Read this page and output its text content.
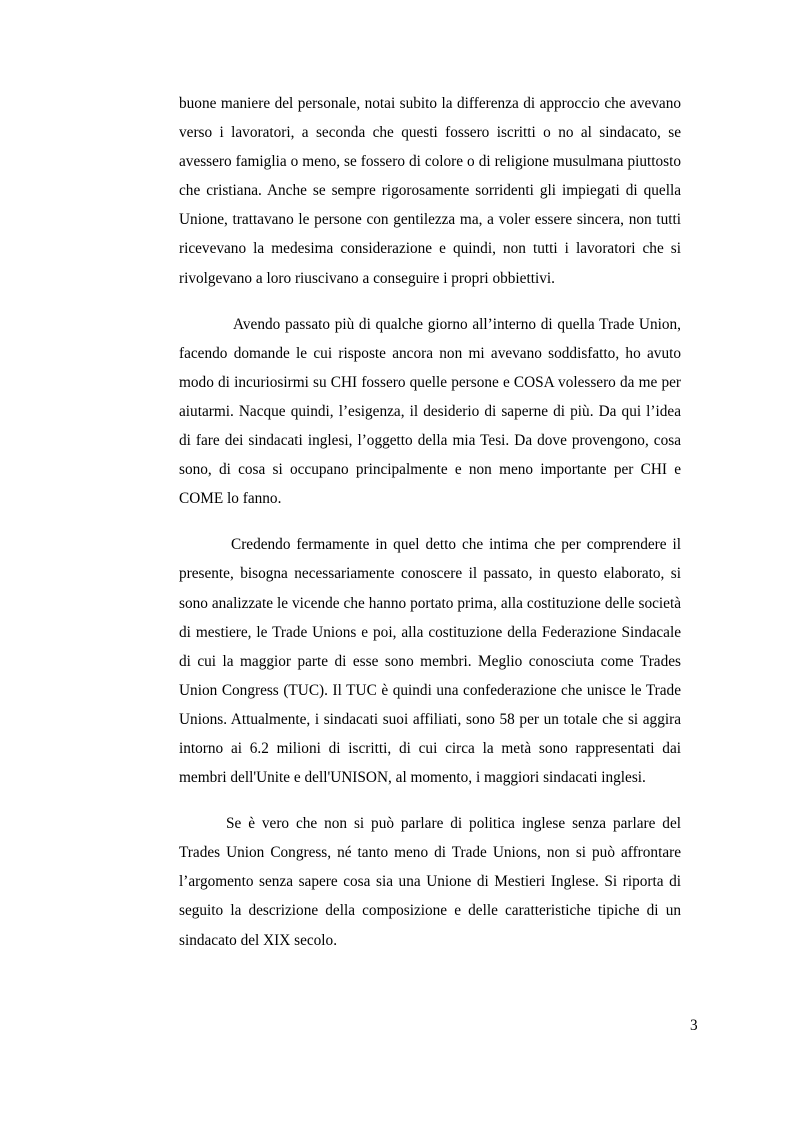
buone maniere del personale, notai subito la differenza di approccio che avevano verso i lavoratori, a seconda che questi fossero iscritti o no al sindacato, se avessero famiglia o meno, se fossero di colore o di religione musulmana piuttosto che cristiana. Anche se sempre rigorosamente sorridenti gli impiegati di quella Unione, trattavano le persone con gentilezza ma, a voler essere sincera, non tutti ricevevano la medesima considerazione e quindi, non tutti i lavoratori che si rivolgevano a loro riuscivano a conseguire i propri obbiettivi.

Avendo passato più di qualche giorno all’interno di quella Trade Union, facendo domande le cui risposte ancora non mi avevano soddisfatto, ho avuto modo di incuriosirmi su CHI fossero quelle persone e COSA volessero da me per aiutarmi. Nacque quindi, l’esigenza, il desiderio di saperne di più. Da qui l’idea di fare dei sindacati inglesi, l’oggetto della mia Tesi. Da dove provengono, cosa sono, di cosa si occupano principalmente e non meno importante per CHI e COME lo fanno.

Credendo fermamente in quel detto che intima che per comprendere il presente, bisogna necessariamente conoscere il passato, in questo elaborato, si sono analizzate le vicende che hanno portato prima, alla costituzione delle società di mestiere, le Trade Unions e poi, alla costituzione della Federazione Sindacale di cui la maggior parte di esse sono membri. Meglio conosciuta come Trades Union Congress (TUC). Il TUC è quindi una confederazione che unisce le Trade Unions. Attualmente, i sindacati suoi affiliati, sono 58 per un totale che si aggira intorno ai 6.2 milioni di iscritti, di cui circa la metà sono rappresentati dai membri dell'Unite e dell'UNISON, al momento, i maggiori sindacati inglesi.

Se è vero che non si può parlare di politica inglese senza parlare del Trades Union Congress, né tanto meno di Trade Unions, non si può affrontare l’argomento senza sapere cosa sia una Unione di Mestieri Inglese. Si riporta di seguito la descrizione della composizione e delle caratteristiche tipiche di un sindacato del XIX secolo.

3
